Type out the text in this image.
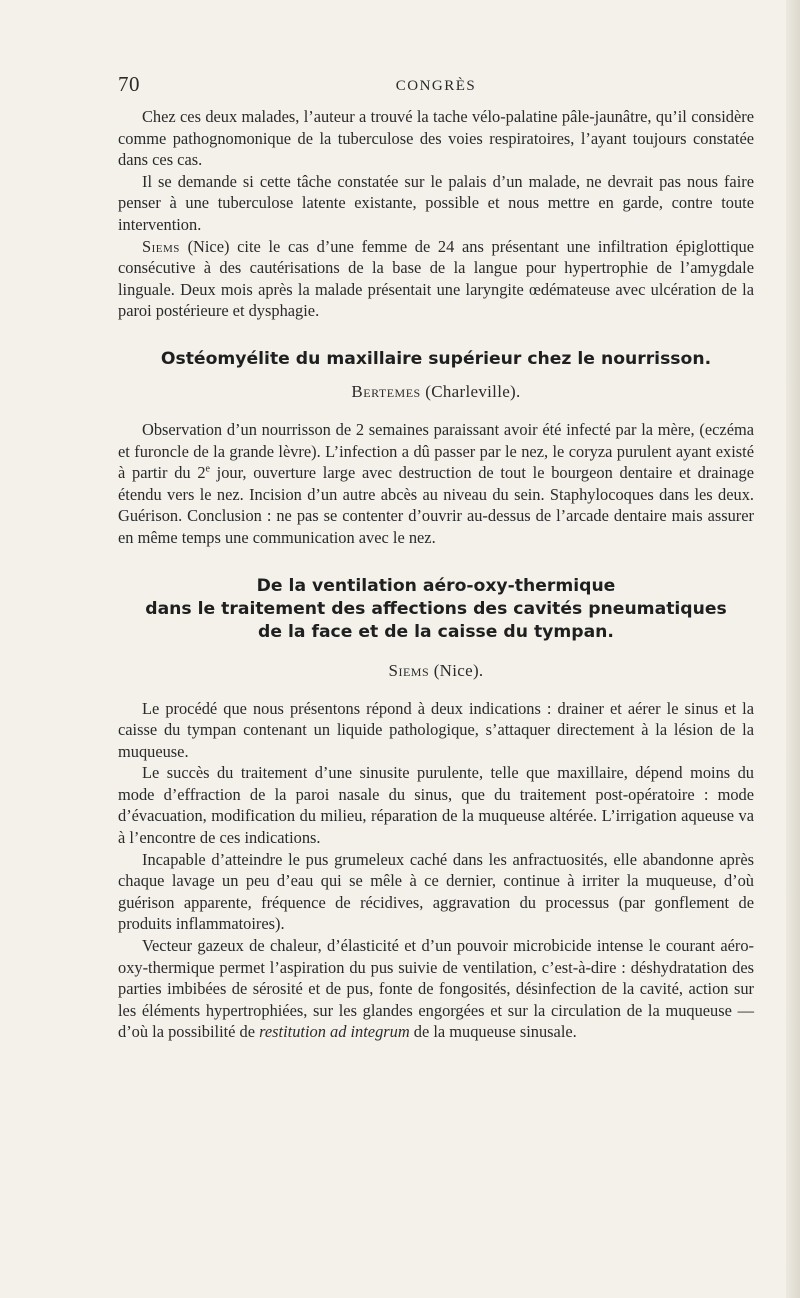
70	CONGRÈS

Chez ces deux malades, l’auteur a trouvé la tache vélo-palatine pâle-jaunâtre, qu’il considère comme pathognomonique de la tuberculose des voies respiratoires, l’ayant toujours constatée dans ces cas.

Il se demande si cette tâche constatée sur le palais d’un malade, ne devrait pas nous faire penser à une tuberculose latente existante, possible et nous mettre en garde, contre toute intervention.

Siems (Nice) cite le cas d’une femme de 24 ans présentant une infiltration épiglottique consécutive à des cautérisations de la base de la langue pour hypertrophie de l’amygdale linguale. Deux mois après la malade présentait une laryngite œdémateuse avec ulcération de la paroi postérieure et dysphagie.

Ostéomyélite du maxillaire supérieur chez le nourrisson.
Bertemes (Charleville).

Observation d’un nourrisson de 2 semaines paraissant avoir été infecté par la mère, (eczéma et furoncle de la grande lèvre). L’infection a dû passer par le nez, le coryza purulent ayant existé à partir du 2e jour, ouverture large avec destruction de tout le bourgeon dentaire et drainage étendu vers le nez. Incision d’un autre abcès au niveau du sein. Staphylocoques dans les deux. Guérison. Conclusion : ne pas se contenter d’ouvrir au-dessus de l’arcade dentaire mais assurer en même temps une communication avec le nez.

De la ventilation aéro-oxy-thermique
dans le traitement des affections des cavités pneumatiques
de la face et de la caisse du tympan.
Siems (Nice).

Le procédé que nous présentons répond à deux indications : drainer et aérer le sinus et la caisse du tympan contenant un liquide pathologique, s’attaquer directement à la lésion de la muqueuse.

Le succès du traitement d’une sinusite purulente, telle que maxillaire, dépend moins du mode d’effraction de la paroi nasale du sinus, que du traitement post-opératoire : mode d’évacuation, modification du milieu, réparation de la muqueuse altérée. L’irrigation aqueuse va à l’encontre de ces indications.

Incapable d’atteindre le pus grumeleux caché dans les anfractuosités, elle abandonne après chaque lavage un peu d’eau qui se mêle à ce dernier, continue à irriter la muqueuse, d’où guérison apparente, fréquence de récidives, aggravation du processus (par gonflement de produits inflammatoires).

Vecteur gazeux de chaleur, d’élasticité et d’un pouvoir microbicide intense le courant aéro-oxy-thermique permet l’aspiration du pus suivie de ventilation, c’est-à-dire : déshydratation des parties imbibées de sérosité et de pus, fonte de fongosités, désinfection de la cavité, action sur les éléments hypertrophiées, sur les glandes engorgées et sur la circulation de la muqueuse — d’où la possibilité de restitution ad integrum de la muqueuse sinusale.
